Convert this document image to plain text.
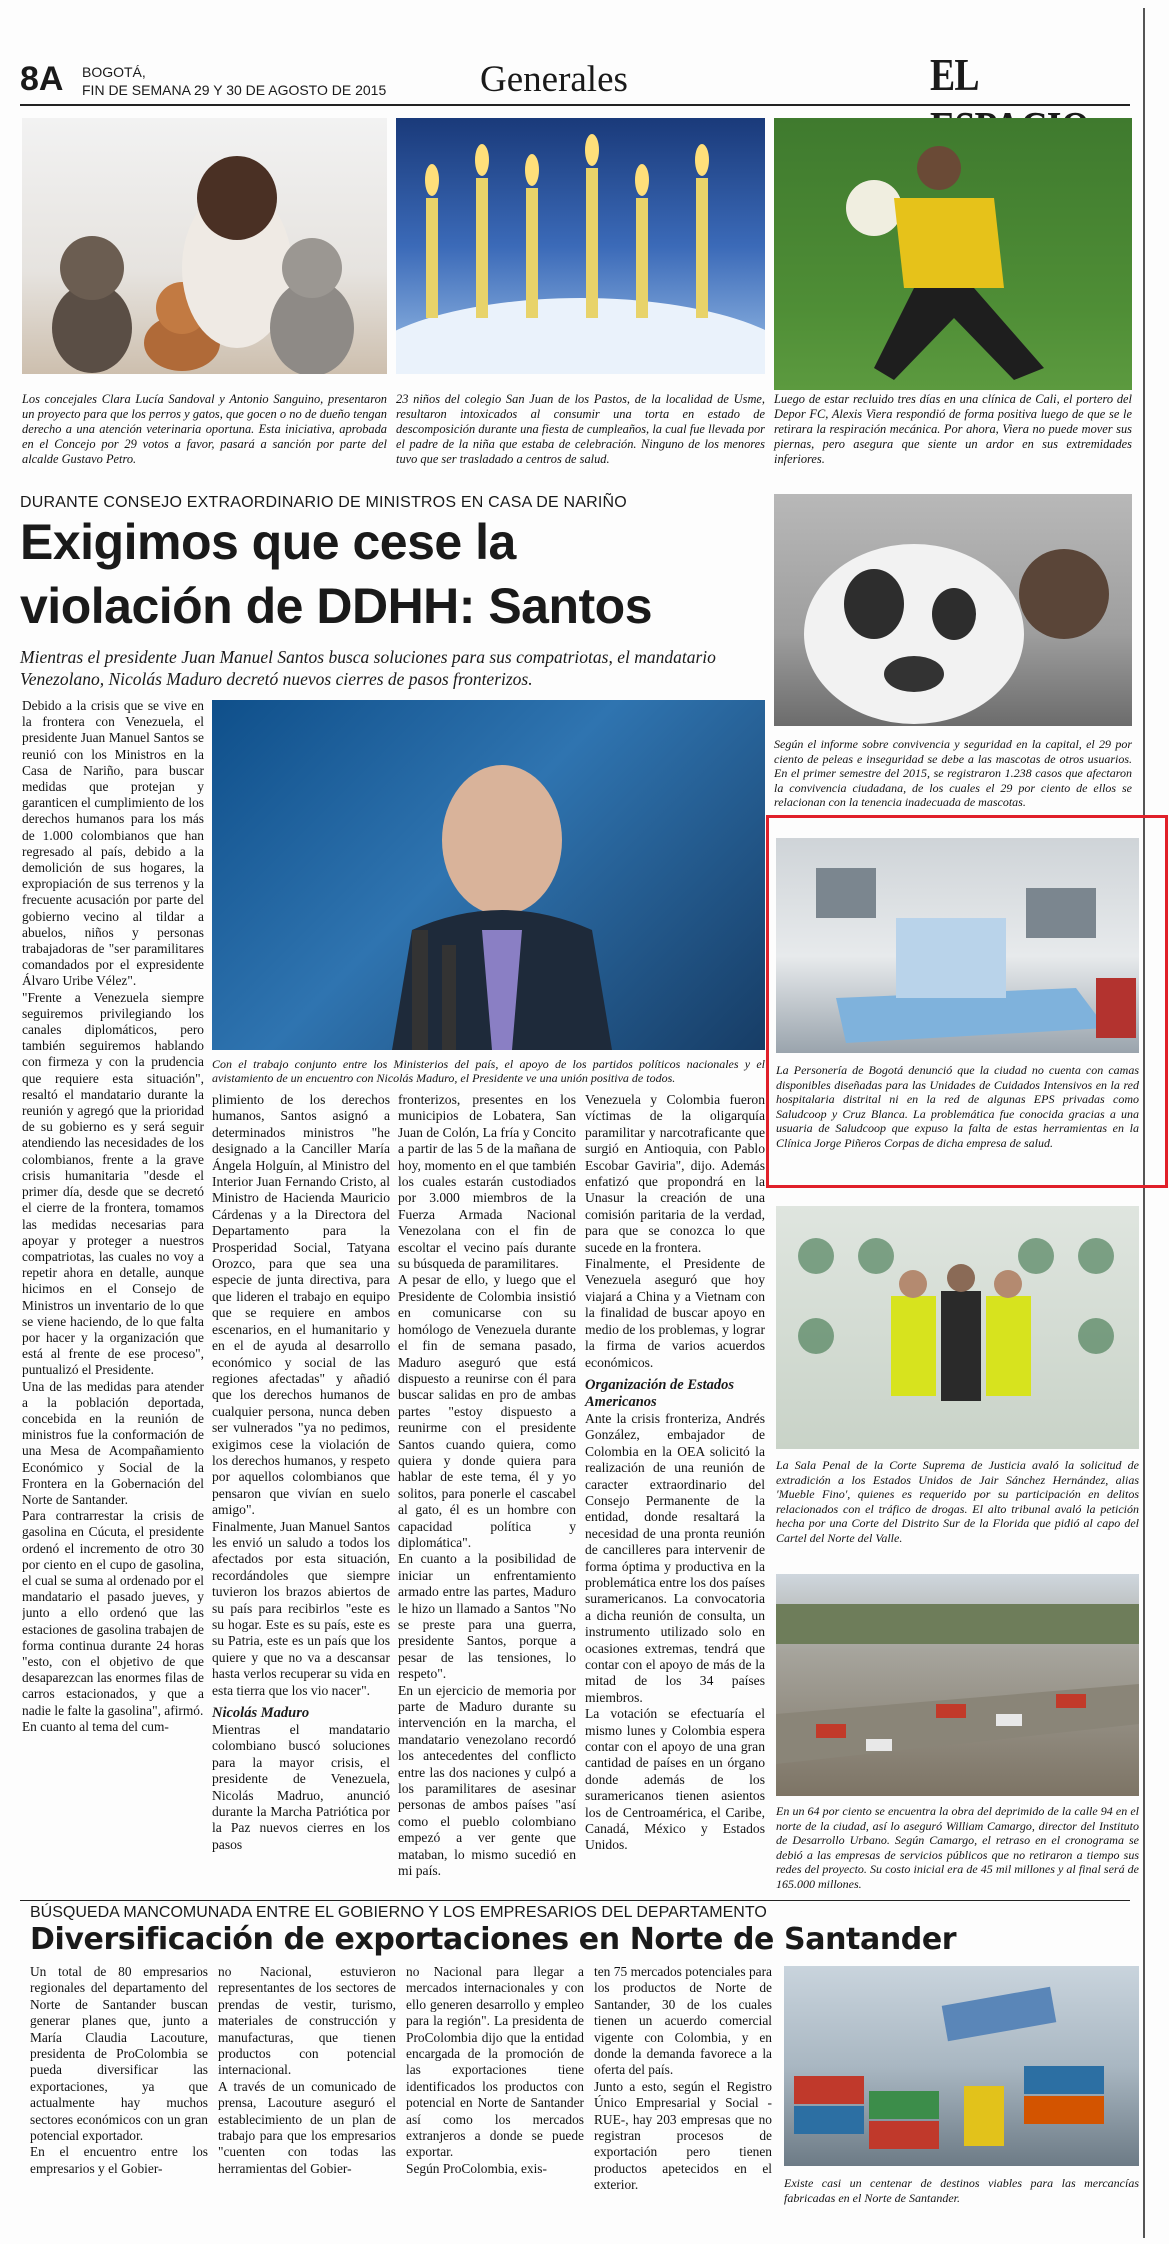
8A BOGOTÁ,
FIN DE SEMANA 29 Y 30 DE AGOSTO DE 2015	Generales	EL
Los concejales Clara Lucía Sandoval y Antonio Sanguino, presentaron un proyecto para que los perros y gatos, que gocen o no de dueño tengan derecho a una atención veterinaria oportuna. Esta iniciativa, aprobada en el Concejo por 29 votos a favor, pasará a sanción por parte del alcalde Gustavo Petro.
23 niños del colegio San Juan de los Pastos, de la localidad de Usme, resultaron intoxicados al consumir una torta en estado de descomposición durante una fiesta de cumpleaños, la cual fue llevada por el padre de la niña que estaba de celebración. Ninguno de los menores tuvo que ser trasladado a centros de salud.
Luego de estar recluido tres días en una clínica de Cali, el portero del Depor FC, Alexis Viera respondió de forma positiva luego de que se le retirara la respiración mecánica. Por ahora, Viera no puede mover sus piernas, pero asegura que siente un ardor en sus extremidades inferiores.
DURANTE CONSEJO EXTRAORDINARIO DE MINISTROS EN CASA DE NARIÑO
Exigimos que cese la
violación de DDHH: Santos
Mientras el presidente Juan Manuel Santos busca soluciones para sus compatriotas, el mandatario Venezolano, Nicolás Maduro decretó nuevos cierres de pasos fronterizos.
Con el trabajo conjunto entre los Ministerios del país, el apoyo de los partidos políticos nacionales y el avistamiento de un encuentro con Nicolás Maduro, el Presidente ve una unión positiva de todos.
Debido a la crisis que se vive en la frontera con Venezuela, el presidente Juan Manuel Santos se reunió con los Ministros en la Casa de Nariño, para buscar medidas que protejan y garanticen el cumplimiento de los derechos humanos para los más de 1.000 colombianos que han regresado al país, debido a la demolición de sus hogares, la expropiación de sus terrenos y la frecuente acusación por parte del gobierno vecino al tildar a abuelos, niños y personas trabajadoras de "ser paramilitares comandados por el expresidente Álvaro Uribe Vélez".
"Frente a Venezuela siempre seguiremos privilegiando los canales diplomáticos, pero también seguiremos hablando con firmeza y con la prudencia que requiere esta situación", resaltó el mandatario durante la reunión y agregó que la prioridad de su gobierno es y será seguir atendiendo las necesidades de los colombianos, frente a la grave crisis humanitaria "desde el primer día, desde que se decretó el cierre de la frontera, tomamos las medidas necesarias para apoyar y proteger a nuestros compatriotas, las cuales no voy a repetir ahora en detalle, aunque hicimos en el Consejo de Ministros un inventario de lo que se viene haciendo, de lo que falta por hacer y la organización que está al frente de ese proceso", puntualizó el Presidente.
Una de las medidas para atender a la población deportada, concebida en la reunión de ministros fue la conformación de una Mesa de Acompañamiento Económico y Social de la Frontera en la Gobernación del Norte de Santander.
Para contrarrestar la crisis de gasolina en Cúcuta, el presidente ordenó el incremento de otro 30 por ciento en el cupo de gasolina, el cual se suma al ordenado por el mandatario el pasado jueves, y junto a ello ordenó que las estaciones de gasolina trabajen de forma continua durante 24 horas "esto, con el objetivo de que desaparezcan las enormes filas de carros estacionados, y que a nadie le falte la gasolina", afirmó.
En cuanto al tema del cum-
plimiento de los derechos humanos, Santos asignó a determinados ministros "he designado a la Canciller María Ángela Holguín, al Ministro del Interior Juan Fernando Cristo, al Ministro de Hacienda Mauricio Cárdenas y a la Directora del Departamento para la Prosperidad Social, Tatyana Orozco, para que sea una especie de junta directiva, para que lideren el trabajo en equipo que se requiere en ambos escenarios, en el humanitario y en el de ayuda al desarrollo económico y social de las regiones afectadas" y añadió que los derechos humanos de cualquier persona, nunca deben ser vulnerados "ya no pedimos, exigimos cese la violación de los derechos humanos, y respeto por aquellos colombianos que pensaron que vivían en suelo amigo".
Finalmente, Juan Manuel Santos les envió un saludo a todos los afectados por esta situación, recordándoles que siempre tuvieron los brazos abiertos de su país para recibirlos "este es su hogar. Este es su país, este es su Patria, este es un país que los quiere y que no va a descansar hasta verlos recuperar su vida en esta tierra que los vio nacer".
Nicolás Maduro
Mientras el mandatario colombiano buscó soluciones para la mayor crisis, el presidente de Venezuela, Nicolás Madruo, anunció durante la Marcha Patriótica por la Paz nuevos cierres en los pasos
fronterizos, presentes en los municipios de Lobatera, San Juan de Colón, La fría y Concito a partir de las 5 de la mañana de hoy, momento en el que también los cuales estarán custodiados por 3.000 miembros de la Fuerza Armada Nacional Venezolana con el fin de escoltar el vecino país durante su búsqueda de paramilitares.
A pesar de ello, y luego que el Presidente de Colombia insistió en comunicarse con su homólogo de Venezuela durante el fin de semana pasado, Maduro aseguró que está dispuesto a reunirse con él para buscar salidas en pro de ambas partes "estoy dispuesto a reunirme con el presidente Santos cuando quiera, como quiera y donde quiera para hablar de este tema, él y yo solitos, para ponerle el cascabel al gato, él es un hombre con capacidad política y diplomática".
En cuanto a la posibilidad de iniciar un enfrentamiento armado entre las partes, Maduro le hizo un llamado a Santos "No se preste para una guerra, presidente Santos, porque a pesar de las tensiones, lo respeto".
En un ejercicio de memoria por parte de Maduro durante su intervención en la marcha, el mandatario venezolano recordó los antecedentes del conflicto entre las dos naciones y culpó a los paramilitares de asesinar personas de ambos países "así como el pueblo colombiano empezó a ver gente que mataban, lo mismo sucedió en mi país.
Venezuela y Colombia fueron víctimas de la oligarquía paramilitar y narcotraficante que surgió en Antioquia, con Pablo Escobar Gaviria", dijo. Además enfatizó que propondrá en la Unasur la creación de una comisión paritaria de la verdad, para que se conozca lo que sucede en la frontera.
Finalmente, el Presidente de Venezuela aseguró que hoy viajará a China y a Vietnam con la finalidad de buscar apoyo en medio de los problemas, y lograr la firma de varios acuerdos económicos.
Organización de Estados Americanos
Ante la crisis fronteriza, Andrés González, embajador de Colombia en la OEA solicitó la realización de una reunión de caracter extraordinario del Consejo Permanente de la entidad, donde resaltará la necesidad de una pronta reunión de cancilleres para intervenir de forma óptima y productiva en la problemática entre los dos países suramericanos. La convocatoria a dicha reunión de consulta, un instrumento utilizado solo en ocasiones extremas, tendrá que contar con el apoyo de más de la mitad de los 34 países miembros.
La votación se efectuaría el mismo lunes y Colombia espera contar con el apoyo de una gran cantidad de países en un órgano donde además de los suramericanos tienen asientos los de Centroamérica, el Caribe, Canadá, México y Estados Unidos.
Según el informe sobre convivencia y seguridad en la capital, el 29 por ciento de peleas e inseguridad se debe a las mascotas de otros usuarios. En el primer semestre del 2015, se registraron 1.238 casos que afectaron la convivencia ciudadana, de los cuales el 29 por ciento de ellos se relacionan con la tenencia inadecuada de mascotas.
La Personería de Bogotá denunció que la ciudad no cuenta con camas disponibles diseñadas para las Unidades de Cuidados Intensivos en la red hospitalaria distrital ni en la red de algunas EPS privadas como Saludcoop y Cruz Blanca. La problemática fue conocida gracias a una usuaria de Saludcoop que expuso la falta de estas herramientas en la Clínica Jorge Piñeros Corpas de dicha empresa de salud.
La Sala Penal de la Corte Suprema de Justicia avaló la solicitud de extradición a los Estados Unidos de Jair Sánchez Hernández, alias 'Mueble Fino', quienes es requerido por su participación en delitos relacionados con el tráfico de drogas. El alto tribunal avaló la petición hecha por una Corte del Distrito Sur de la Florida que pidió al capo del Cartel del Norte del Valle.
En un 64 por ciento se encuentra la obra del deprimido de la calle 94 en el norte de la ciudad, así lo aseguró William Camargo, director del Instituto de Desarrollo Urbano. Según Camargo, el retraso en el cronograma se debió a las empresas de servicios públicos que no retiraron a tiempo sus redes del proyecto. Su costo inicial era de 45 mil millones y al final será de 165.000 millones.
BÚSQUEDA MANCOMUNADA ENTRE EL GOBIERNO Y LOS EMPRESARIOS DEL DEPARTAMENTO
Diversificación de exportaciones en Norte de Santander
Un total de 80 empresarios regionales del departamento del Norte de Santander buscan generar planes que, junto a María Claudia Lacouture, presidenta de ProColombia se pueda diversificar las exportaciones, ya que actualmente hay muchos sectores económicos con un gran potencial exportador.
En el encuentro entre los empresarios y el Gobier-
no Nacional, estuvieron representantes de los sectores de prendas de vestir, turismo, materiales de construcción y manufacturas, que tienen productos con potencial internacional.
A través de un comunicado de prensa, Lacouture aseguró el establecimiento de un plan de trabajo para que los empresarios "cuenten con todas las herramientas del Gobier-
no Nacional para llegar a mercados internacionales y con ello generen desarrollo y empleo para la región". La presidenta de ProColombia dijo que la entidad encargada de la promoción de las exportaciones tiene identificados los productos con potencial en Norte de Santander así como los mercados extranjeros a donde se puede exportar.
Según ProColombia, exis-
ten 75 mercados potenciales para los productos de Norte de Santander, 30 de los cuales tienen un acuerdo comercial vigente con Colombia, y en donde la demanda favorece a la oferta del país.
Junto a esto, según el Registro Único Empresarial y Social -RUE-, hay 203 empresas que no registran procesos de exportación pero tienen productos apetecidos en el exterior.	Existe casi un centenar de destinos viables para las mercancías fabricadas en el Norte de Santander.
